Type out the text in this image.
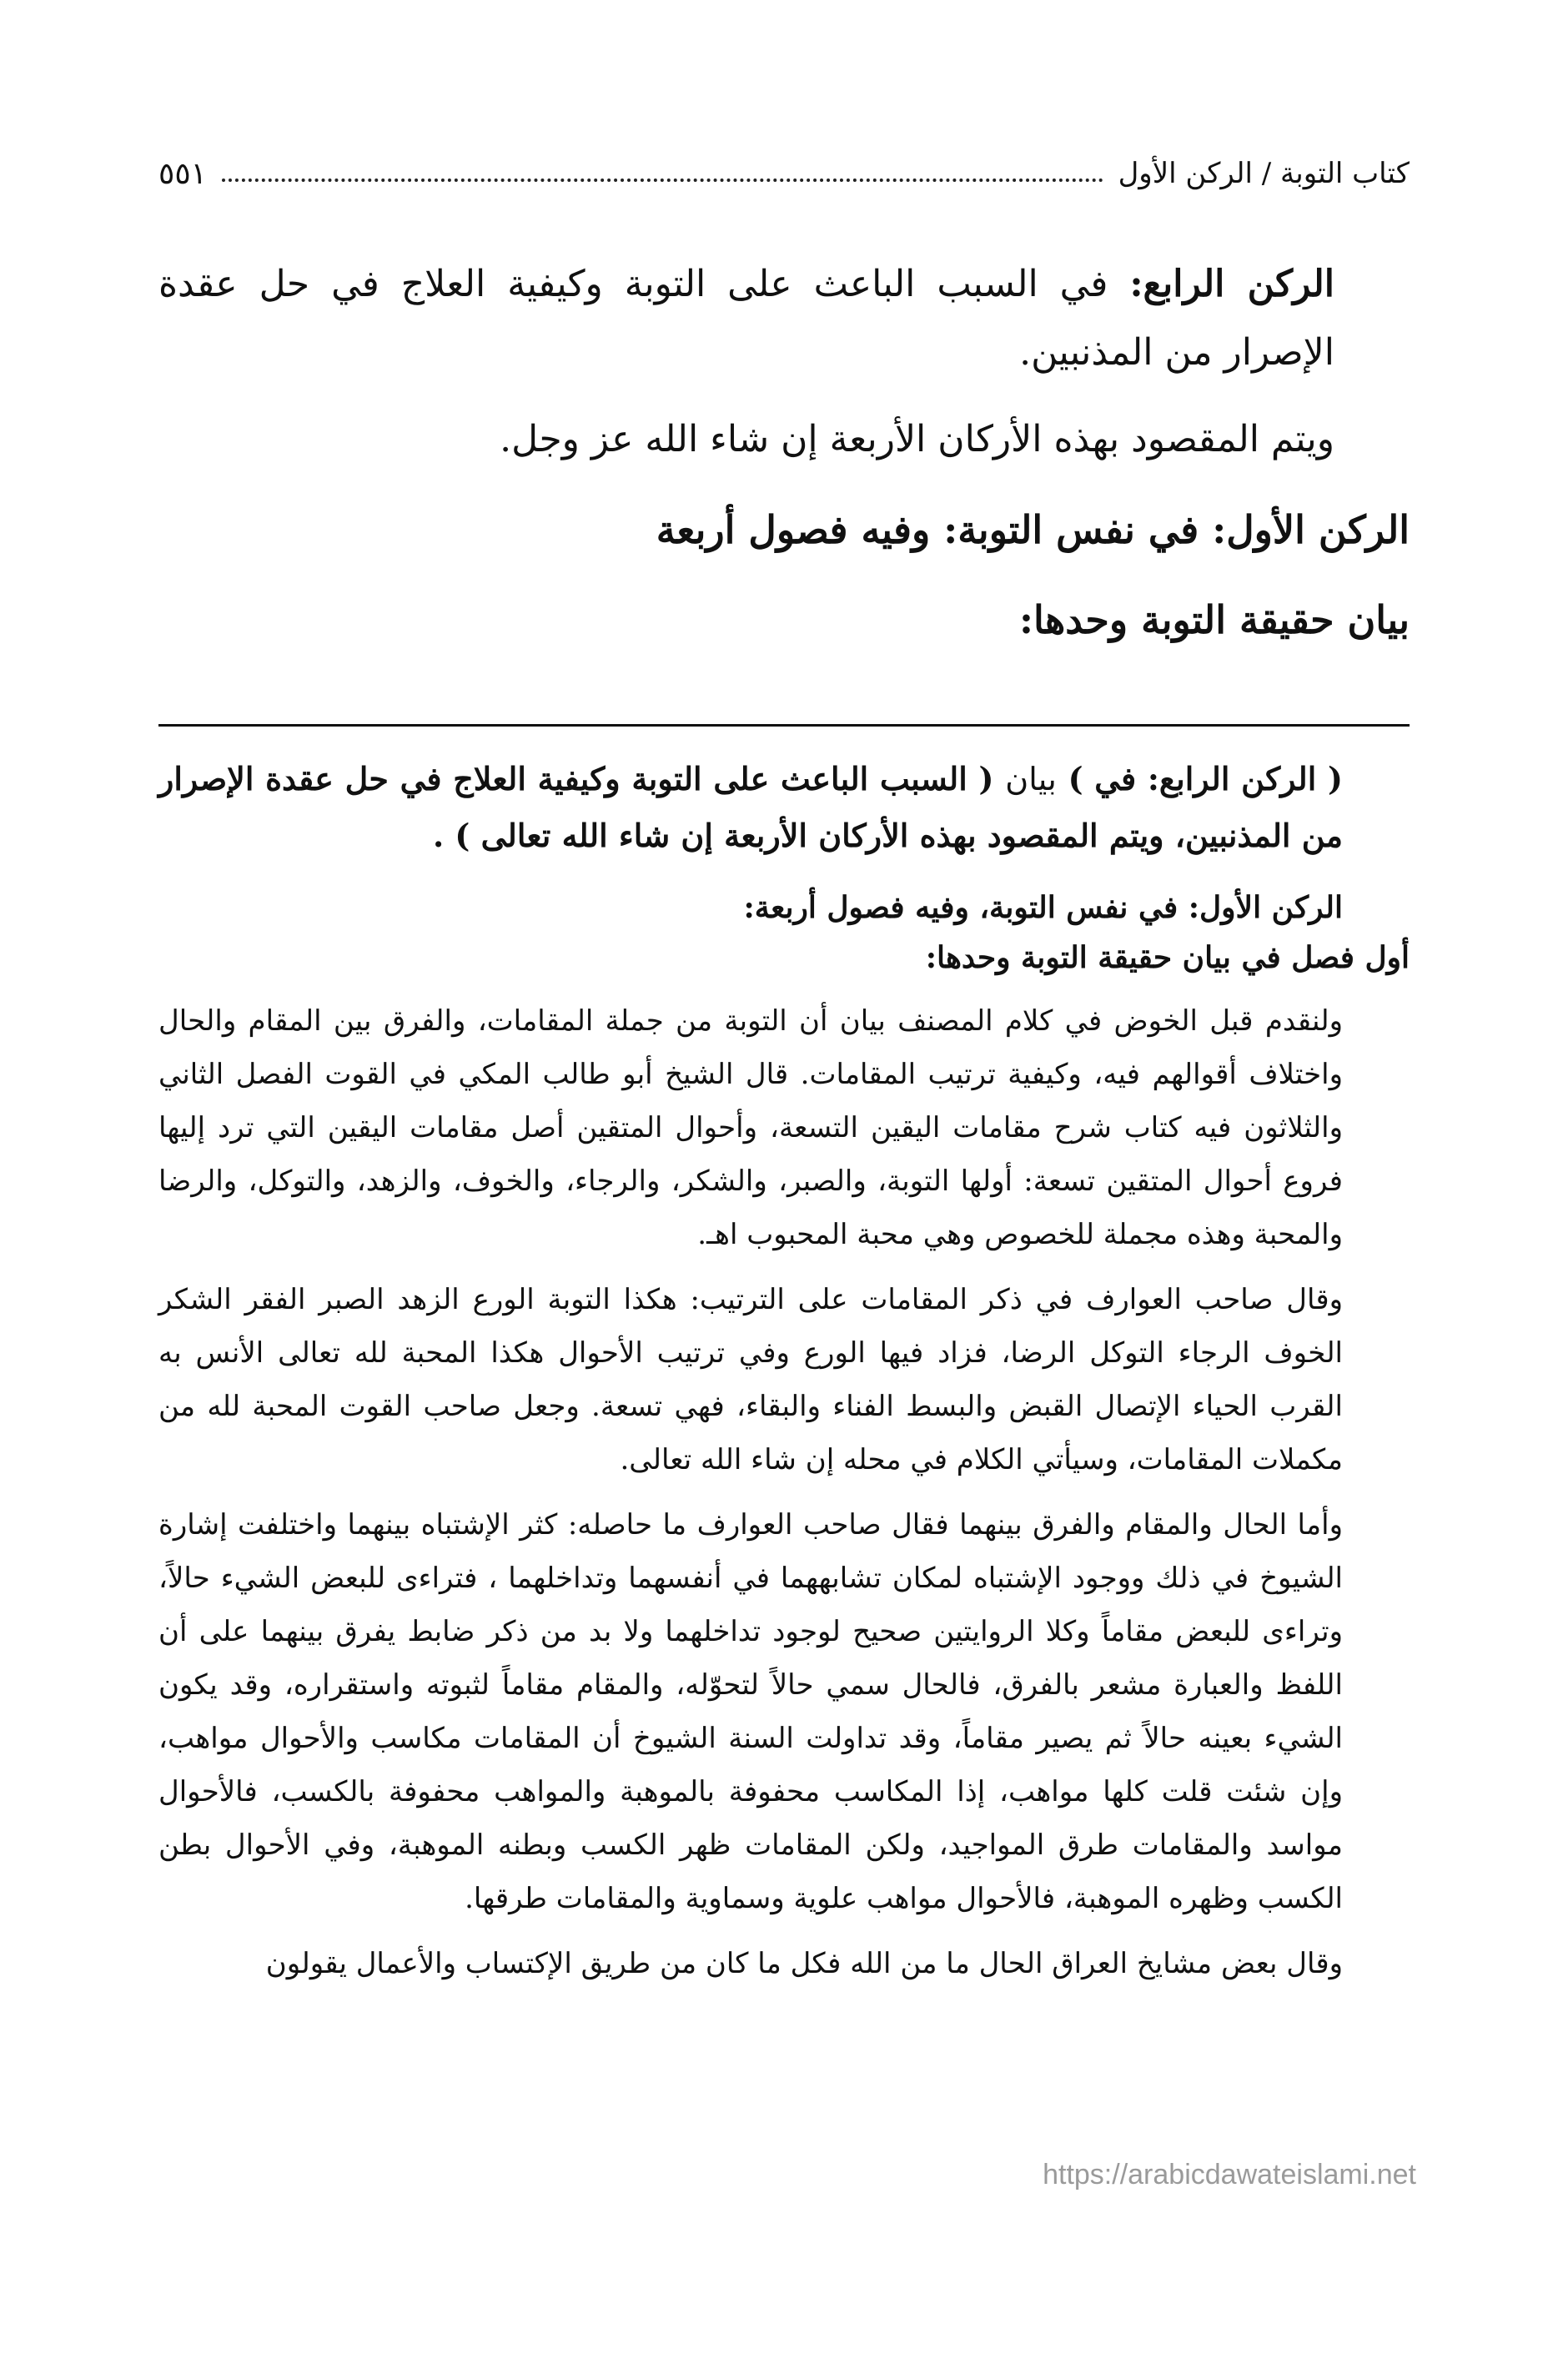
كتاب التوبة / الركن الأول
٥٥١

الركن الرابع: في السبب الباعث على التوبة وكيفية العلاج في حل عقدة الإصرار من المذنبين.

ويتم المقصود بهذه الأركان الأربعة إن شاء الله عز وجل.

الركن الأول: في نفس التوبة: وفيه فصول أربعة

بيان حقيقة التوبة وحدها:

( الركن الرابع: في ) بيان ( السبب الباعث على التوبة وكيفية العلاج في حل عقدة الإصرار من المذنبين، ويتم المقصود بهذه الأركان الأربعة إن شاء الله تعالى ) .

الركن الأول: في نفس التوبة، وفيه فصول أربعة:

أول فصل في بيان حقيقة التوبة وحدها:

ولنقدم قبل الخوض في كلام المصنف بيان أن التوبة من جملة المقامات، والفرق بين المقام والحال واختلاف أقوالهم فيه، وكيفية ترتيب المقامات. قال الشيخ أبو طالب المكي في القوت الفصل الثاني والثلاثون فيه كتاب شرح مقامات اليقين التسعة، وأحوال المتقين أصل مقامات اليقين التي ترد إليها فروع أحوال المتقين تسعة: أولها التوبة، والصبر، والشكر، والرجاء، والخوف، والزهد، والتوكل، والرضا والمحبة وهذه مجملة للخصوص وهي محبة المحبوب اهـ.

وقال صاحب العوارف في ذكر المقامات على الترتيب: هكذا التوبة الورع الزهد الصبر الفقر الشكر الخوف الرجاء التوكل الرضا، فزاد فيها الورع وفي ترتيب الأحوال هكذا المحبة لله تعالى الأنس به القرب الحياء الإتصال القبض والبسط الفناء والبقاء، فهي تسعة. وجعل صاحب القوت المحبة لله من مكملات المقامات، وسيأتي الكلام في محله إن شاء الله تعالى.

وأما الحال والمقام والفرق بينهما فقال صاحب العوارف ما حاصله: كثر الإشتباه بينهما واختلفت إشارة الشيوخ في ذلك ووجود الإشتباه لمكان تشابههما في أنفسهما وتداخلهما ، فتراءى للبعض الشيء حالاً، وتراءى للبعض مقاماً وكلا الروايتين صحيح لوجود تداخلهما ولا بد من ذكر ضابط يفرق بينهما على أن اللفظ والعبارة مشعر بالفرق، فالحال سمي حالاً لتحوّله، والمقام مقاماً لثبوته واستقراره، وقد يكون الشيء بعينه حالاً ثم يصير مقاماً، وقد تداولت السنة الشيوخ أن المقامات مكاسب والأحوال مواهب، وإن شئت قلت كلها مواهب، إذا المكاسب محفوفة بالموهبة والمواهب محفوفة بالكسب، فالأحوال مواسد والمقامات طرق المواجيد، ولكن المقامات ظهر الكسب وبطنه الموهبة، وفي الأحوال بطن الكسب وظهره الموهبة، فالأحوال مواهب علوية وسماوية والمقامات طرقها.

وقال بعض مشايخ العراق الحال ما من الله فكل ما كان من طريق الإكتساب والأعمال يقولون

https://arabicdawateislami.net
